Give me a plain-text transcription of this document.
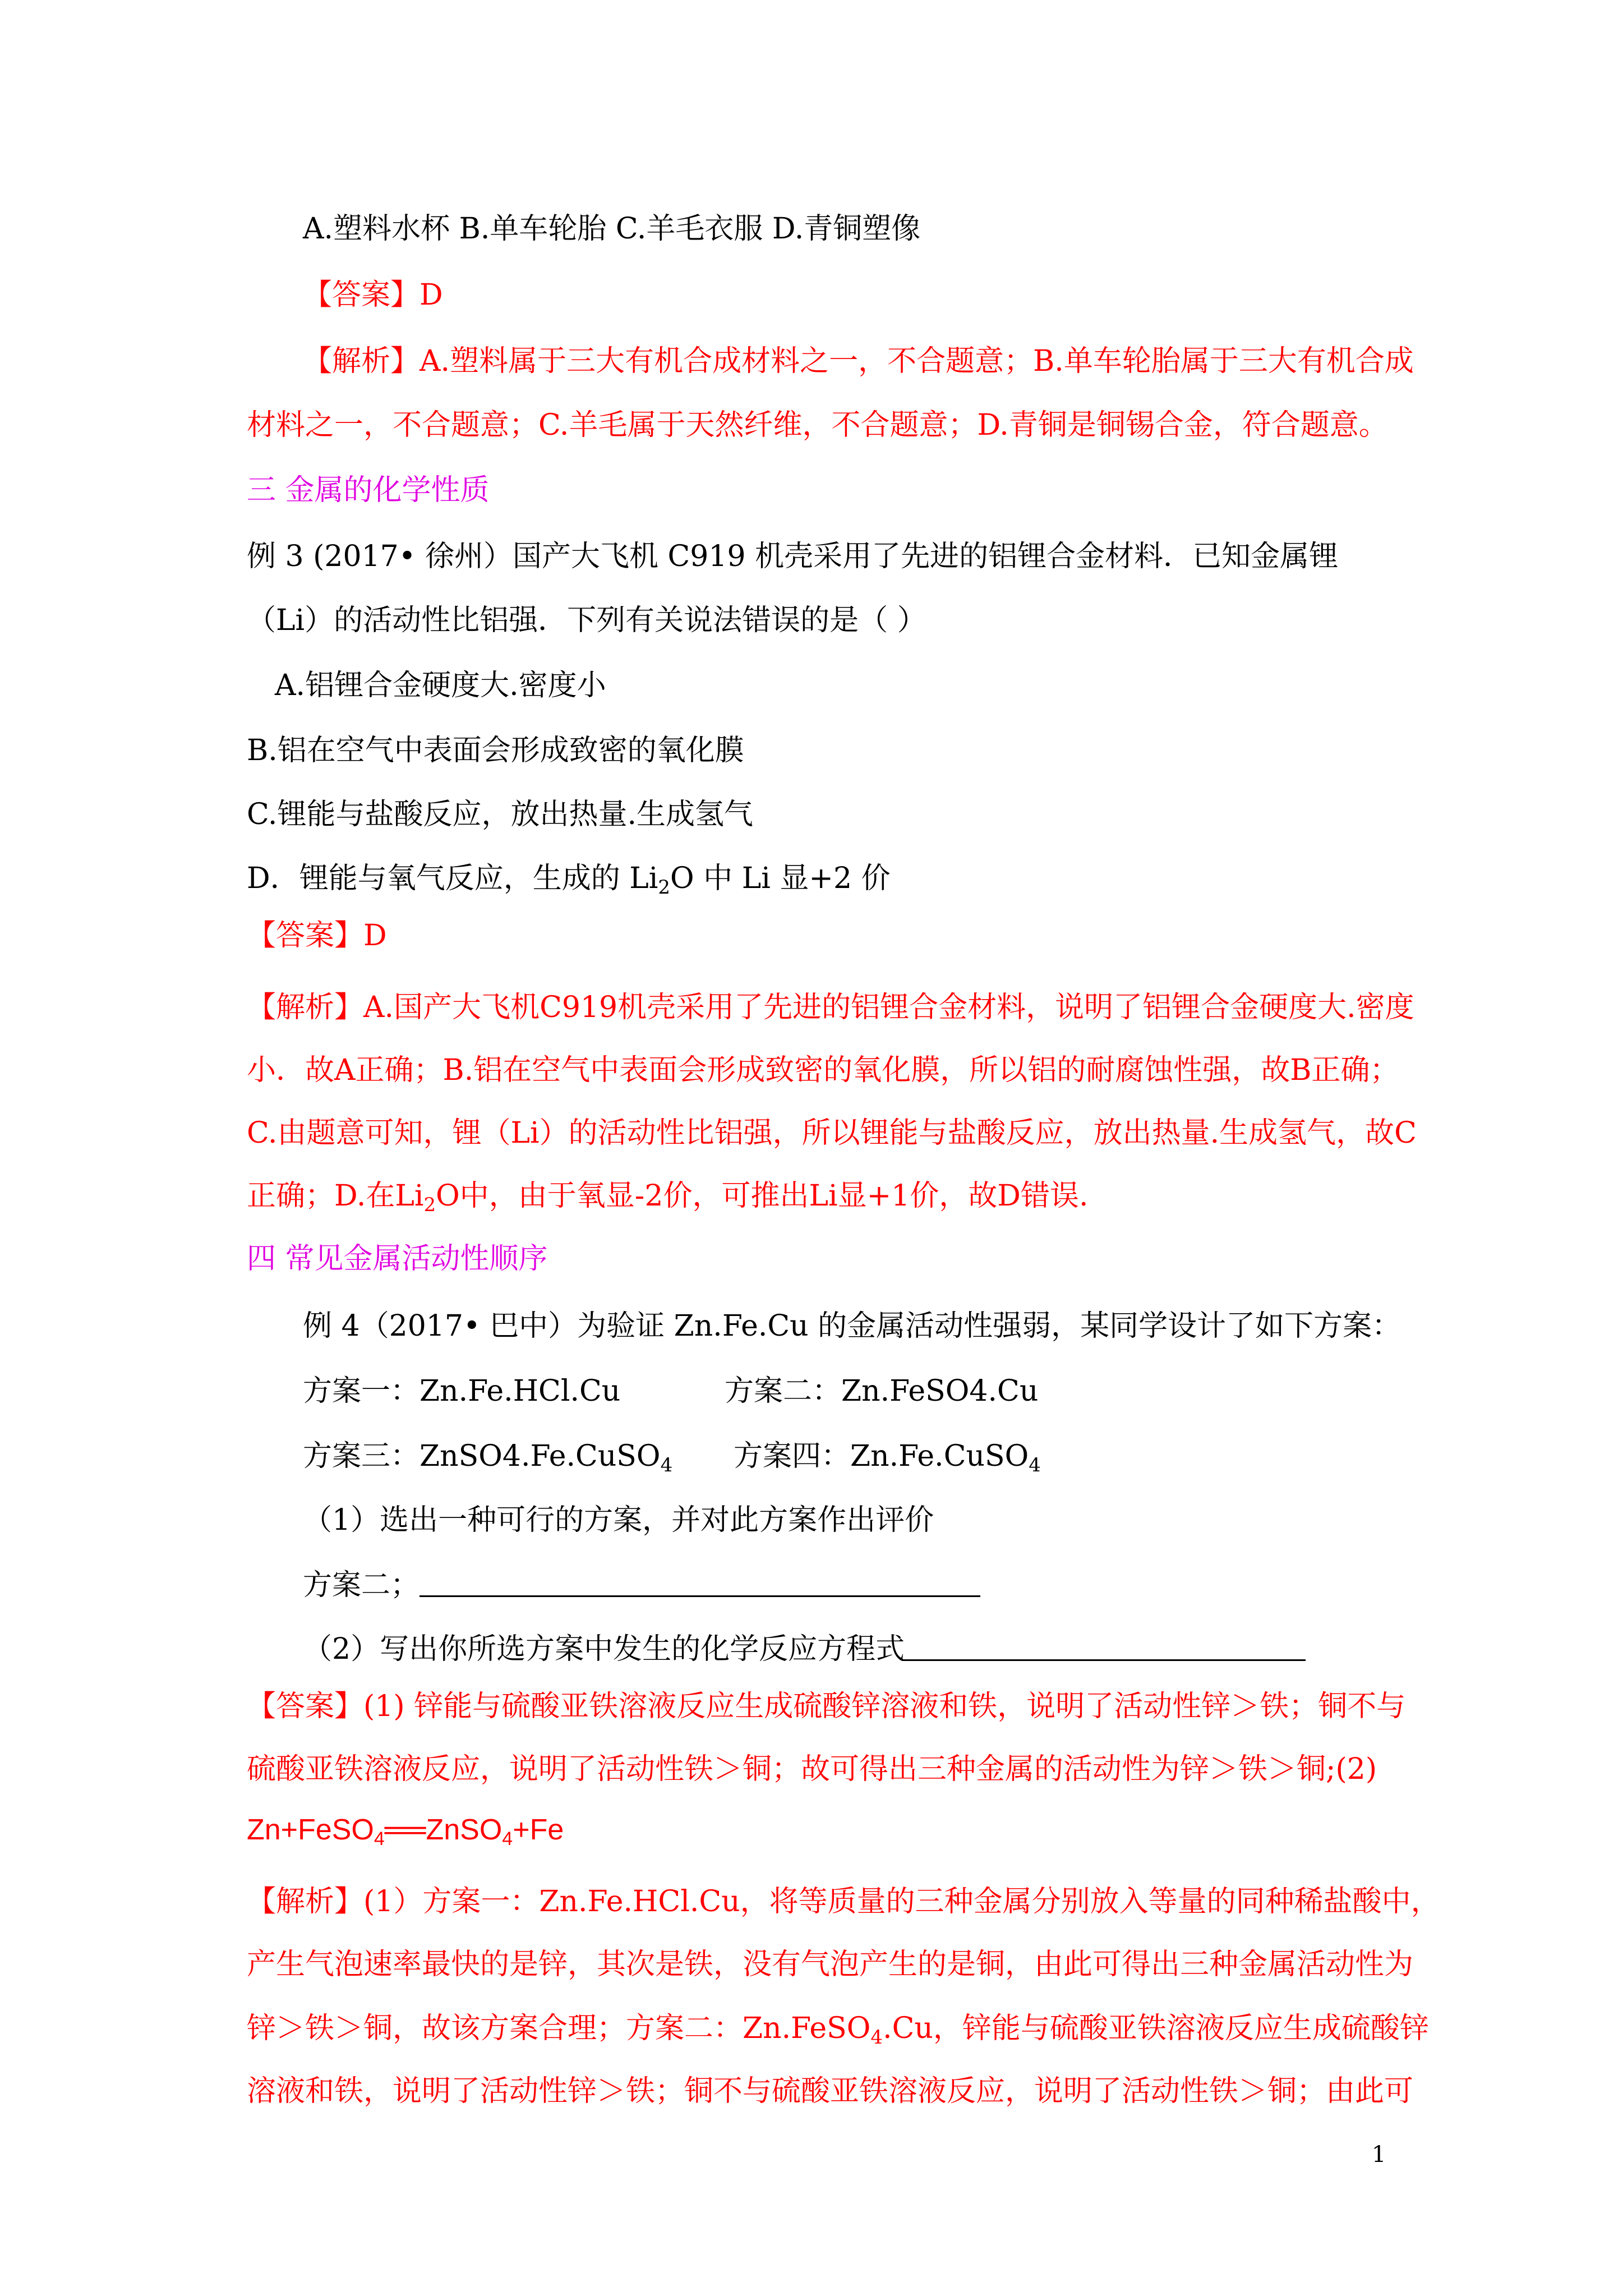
A.塑料水杯 B.单车轮胎 C.羊毛衣服 D.青铜塑像
【答案】D
【解析】A.塑料属于三大有机合成材料之一，不合题意；B.单车轮胎属于三大有机合成
材料之一，不合题意；C.羊毛属于天然纤维，不合题意；D.青铜是铜锡合金，符合题意。
三 金属的化学性质
例 3 (2017• 徐州）国产大飞机 C919 机壳采用了先进的铝锂合金材料．已知金属锂
（Li）的活动性比铝强．下列有关说法错误的是（ ）
A.铝锂合金硬度大.密度小
B.铝在空气中表面会形成致密的氧化膜
C.锂能与盐酸反应，放出热量.生成氢气
D．锂能与氧气反应，生成的 $Li_2O$ 中 Li 显+2 价
【答案】D
【解析】A.国产大飞机C919机壳采用了先进的铝锂合金材料，说明了铝锂合金硬度大.密度
小．故A正确；B.铝在空气中表面会形成致密的氧化膜，所以铝的耐腐蚀性强，故B正确；
C.由题意可知，锂（Li）的活动性比铝强，所以锂能与盐酸反应，放出热量.生成氢气，故C
正确；D.在$Li_2O$中，由于氧显-2价，可推出Li显+1价，故D错误.
四 常见金属活动性顺序
例 4（2017• 巴中）为验证 Zn.Fe.Cu 的金属活动性强弱，某同学设计了如下方案：
方案一：Zn.Fe.HCl.Cu	方案二：Zn.FeSO4.Cu
方案三：ZnSO4.Fe.CuSO$_4$ 方案四：Zn.Fe.CuSO$_4$
（1）选出一种可行的方案，并对此方案作出评价
方案二；
（2）写出你所选方案中发生的化学反应方程式
【答案】(1) 锌能与硫酸亚铁溶液反应生成硫酸锌溶液和铁，说明了活动性锌＞铁；铜不与
硫酸亚铁溶液反应，说明了活动性铁＞铜；故可得出三种金属的活动性为锌＞铁＞铜;(2)
Zn+FeSO$_4$══ZnSO$_4$+Fe
【解析】(1）方案一：Zn.Fe.HCl.Cu，将等质量的三种金属分别放入等量的同种稀盐酸中，
产生气泡速率最快的是锌，其次是铁，没有气泡产生的是铜，由此可得出三种金属活动性为
锌＞铁＞铜，故该方案合理；方案二：Zn.FeSO$_4$.Cu，锌能与硫酸亚铁溶液反应生成硫酸锌
溶液和铁，说明了活动性锌＞铁；铜不与硫酸亚铁溶液反应，说明了活动性铁＞铜；由此可
1
